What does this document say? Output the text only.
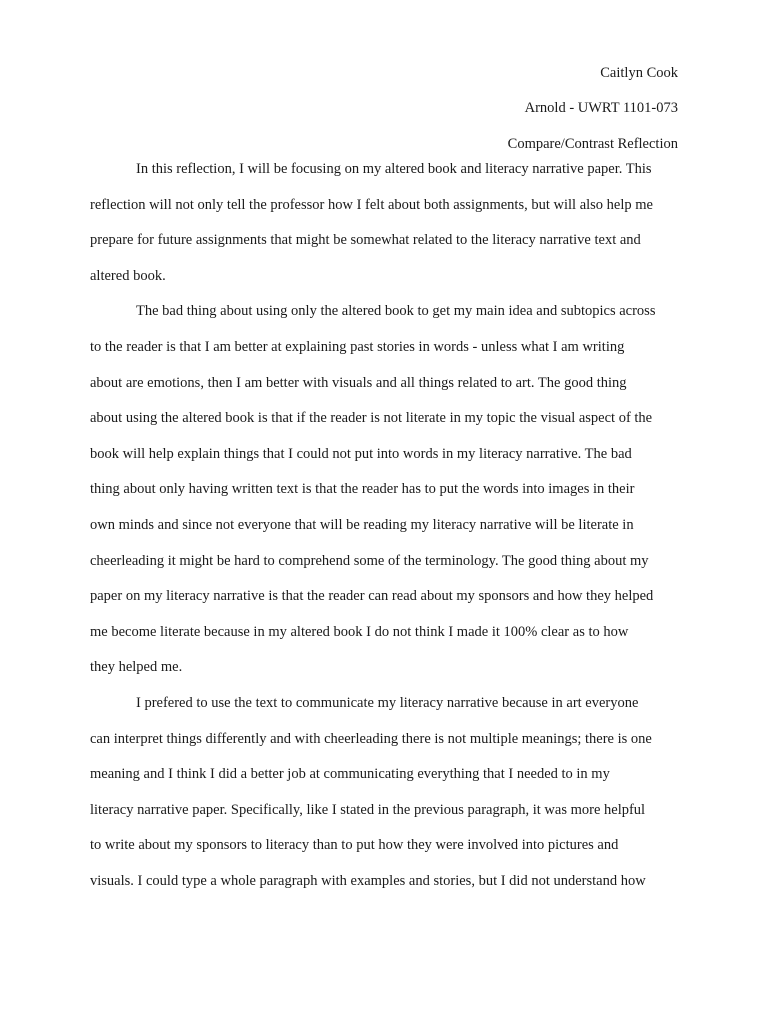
Caitlyn Cook
Arnold - UWRT 1101-073
Compare/Contrast Reflection
In this reflection, I will be focusing on my altered book and literacy narrative paper. This
reflection will not only tell the professor how I felt about both assignments, but will also help me
prepare for future assignments that might be somewhat related to the literacy narrative text and
altered book.
The bad thing about using only the altered book to get my main idea and subtopics across
to the reader is that I am better at explaining past stories in words - unless what I am writing
about are emotions, then I am better with visuals and all things related to art. The good thing
about using the altered book is that if the reader is not literate in my topic the visual aspect of the
book will help explain things that I could not put into words in my literacy narrative. The bad
thing about only having written text is that the reader has to put the words into images in their
own minds and since not everyone that will be reading my literacy narrative will be literate in
cheerleading it might be hard to comprehend some of the terminology. The good thing about my
paper on my literacy narrative is that the reader can read about my sponsors and how they helped
me become literate because in my altered book I do not think I made it 100% clear as to how
they helped me.
I prefered to use the text to communicate my literacy narrative because in art everyone
can interpret things differently and with cheerleading there is not multiple meanings; there is one
meaning and I think I did a better job at communicating everything that I needed to in my
literacy narrative paper. Specifically, like I stated in the previous paragraph, it was more helpful
to write about my sponsors to literacy than to put how they were involved into pictures and
visuals. I could type a whole paragraph with examples and stories, but I did not understand how
